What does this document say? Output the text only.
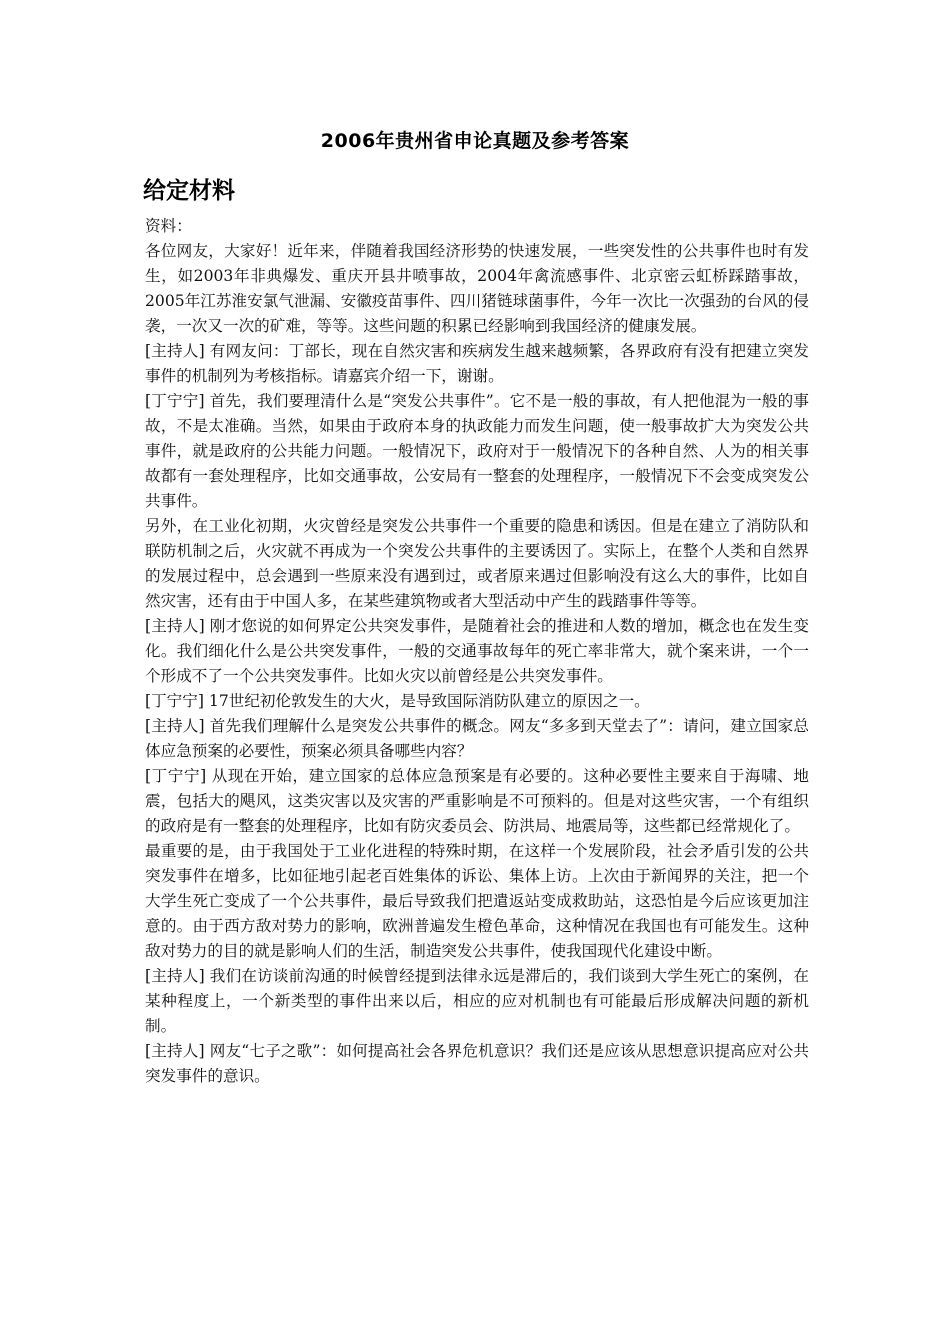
2006年贵州省申论真题及参考答案
给定材料

资料：

各位网友，大家好！近年来，伴随着我国经济形势的快速发展，一些突发性的公共事件也时有发生，如2003年非典爆发、重庆开县井喷事故，2004年禽流感事件、北京密云虹桥踩踏事故，2005年江苏淮安氯气泄漏、安徽疫苗事件、四川猪链球菌事件，今年一次比一次强劲的台风的侵袭，一次又一次的矿难，等等。这些问题的积累已经影响到我国经济的健康发展。

[主持人] 有网友问：丁部长，现在自然灾害和疾病发生越来越频繁，各界政府有没有把建立突发事件的机制列为考核指标。请嘉宾介绍一下，谢谢。

[丁宁宁] 首先，我们要理清什么是“突发公共事件”。它不是一般的事故，有人把他混为一般的事故，不是太准确。当然，如果由于政府本身的执政能力而发生问题，使一般事故扩大为突发公共事件，就是政府的公共能力问题。一般情况下，政府对于一般情况下的各种自然、人为的相关事故都有一套处理程序，比如交通事故，公安局有一整套的处理程序，一般情况下不会变成突发公共事件。

另外，在工业化初期，火灾曾经是突发公共事件一个重要的隐患和诱因。但是在建立了消防队和联防机制之后，火灾就不再成为一个突发公共事件的主要诱因了。实际上，在整个人类和自然界的发展过程中，总会遇到一些原来没有遇到过，或者原来遇过但影响没有这么大的事件，比如自然灾害，还有由于中国人多，在某些建筑物或者大型活动中产生的践踏事件等等。

[主持人] 刚才您说的如何界定公共突发事件，是随着社会的推进和人数的增加，概念也在发生变化。我们细化什么是公共突发事件，一般的交通事故每年的死亡率非常大，就个案来讲，一个一个形成不了一个公共突发事件。比如火灾以前曾经是公共突发事件。

[丁宁宁] 17世纪初伦敦发生的大火，是导致国际消防队建立的原因之一。

[主持人] 首先我们理解什么是突发公共事件的概念。网友“多多到天堂去了”：请问，建立国家总体应急预案的必要性，预案必须具备哪些内容？

[丁宁宁] 从现在开始，建立国家的总体应急预案是有必要的。这种必要性主要来自于海啸、地震，包括大的飓风，这类灾害以及灾害的严重影响是不可预料的。但是对这些灾害，一个有组织的政府是有一整套的处理程序，比如有防灾委员会、防洪局、地震局等，这些都已经常规化了。

最重要的是，由于我国处于工业化进程的特殊时期，在这样一个发展阶段，社会矛盾引发的公共突发事件在增多，比如征地引起老百姓集体的诉讼、集体上访。上次由于新闻界的关注，把一个大学生死亡变成了一个公共事件，最后导致我们把遣返站变成救助站，这恐怕是今后应该更加注意的。由于西方敌对势力的影响，欧洲普遍发生橙色革命，这种情况在我国也有可能发生。这种敌对势力的目的就是影响人们的生活，制造突发公共事件，使我国现代化建设中断。

[主持人] 我们在访谈前沟通的时候曾经提到法律永远是滞后的，我们谈到大学生死亡的案例，在某种程度上，一个新类型的事件出来以后，相应的应对机制也有可能最后形成解决问题的新机制。

[主持人] 网友“七子之歌”：如何提高社会各界危机意识？我们还是应该从思想意识提高应对公共突发事件的意识。
